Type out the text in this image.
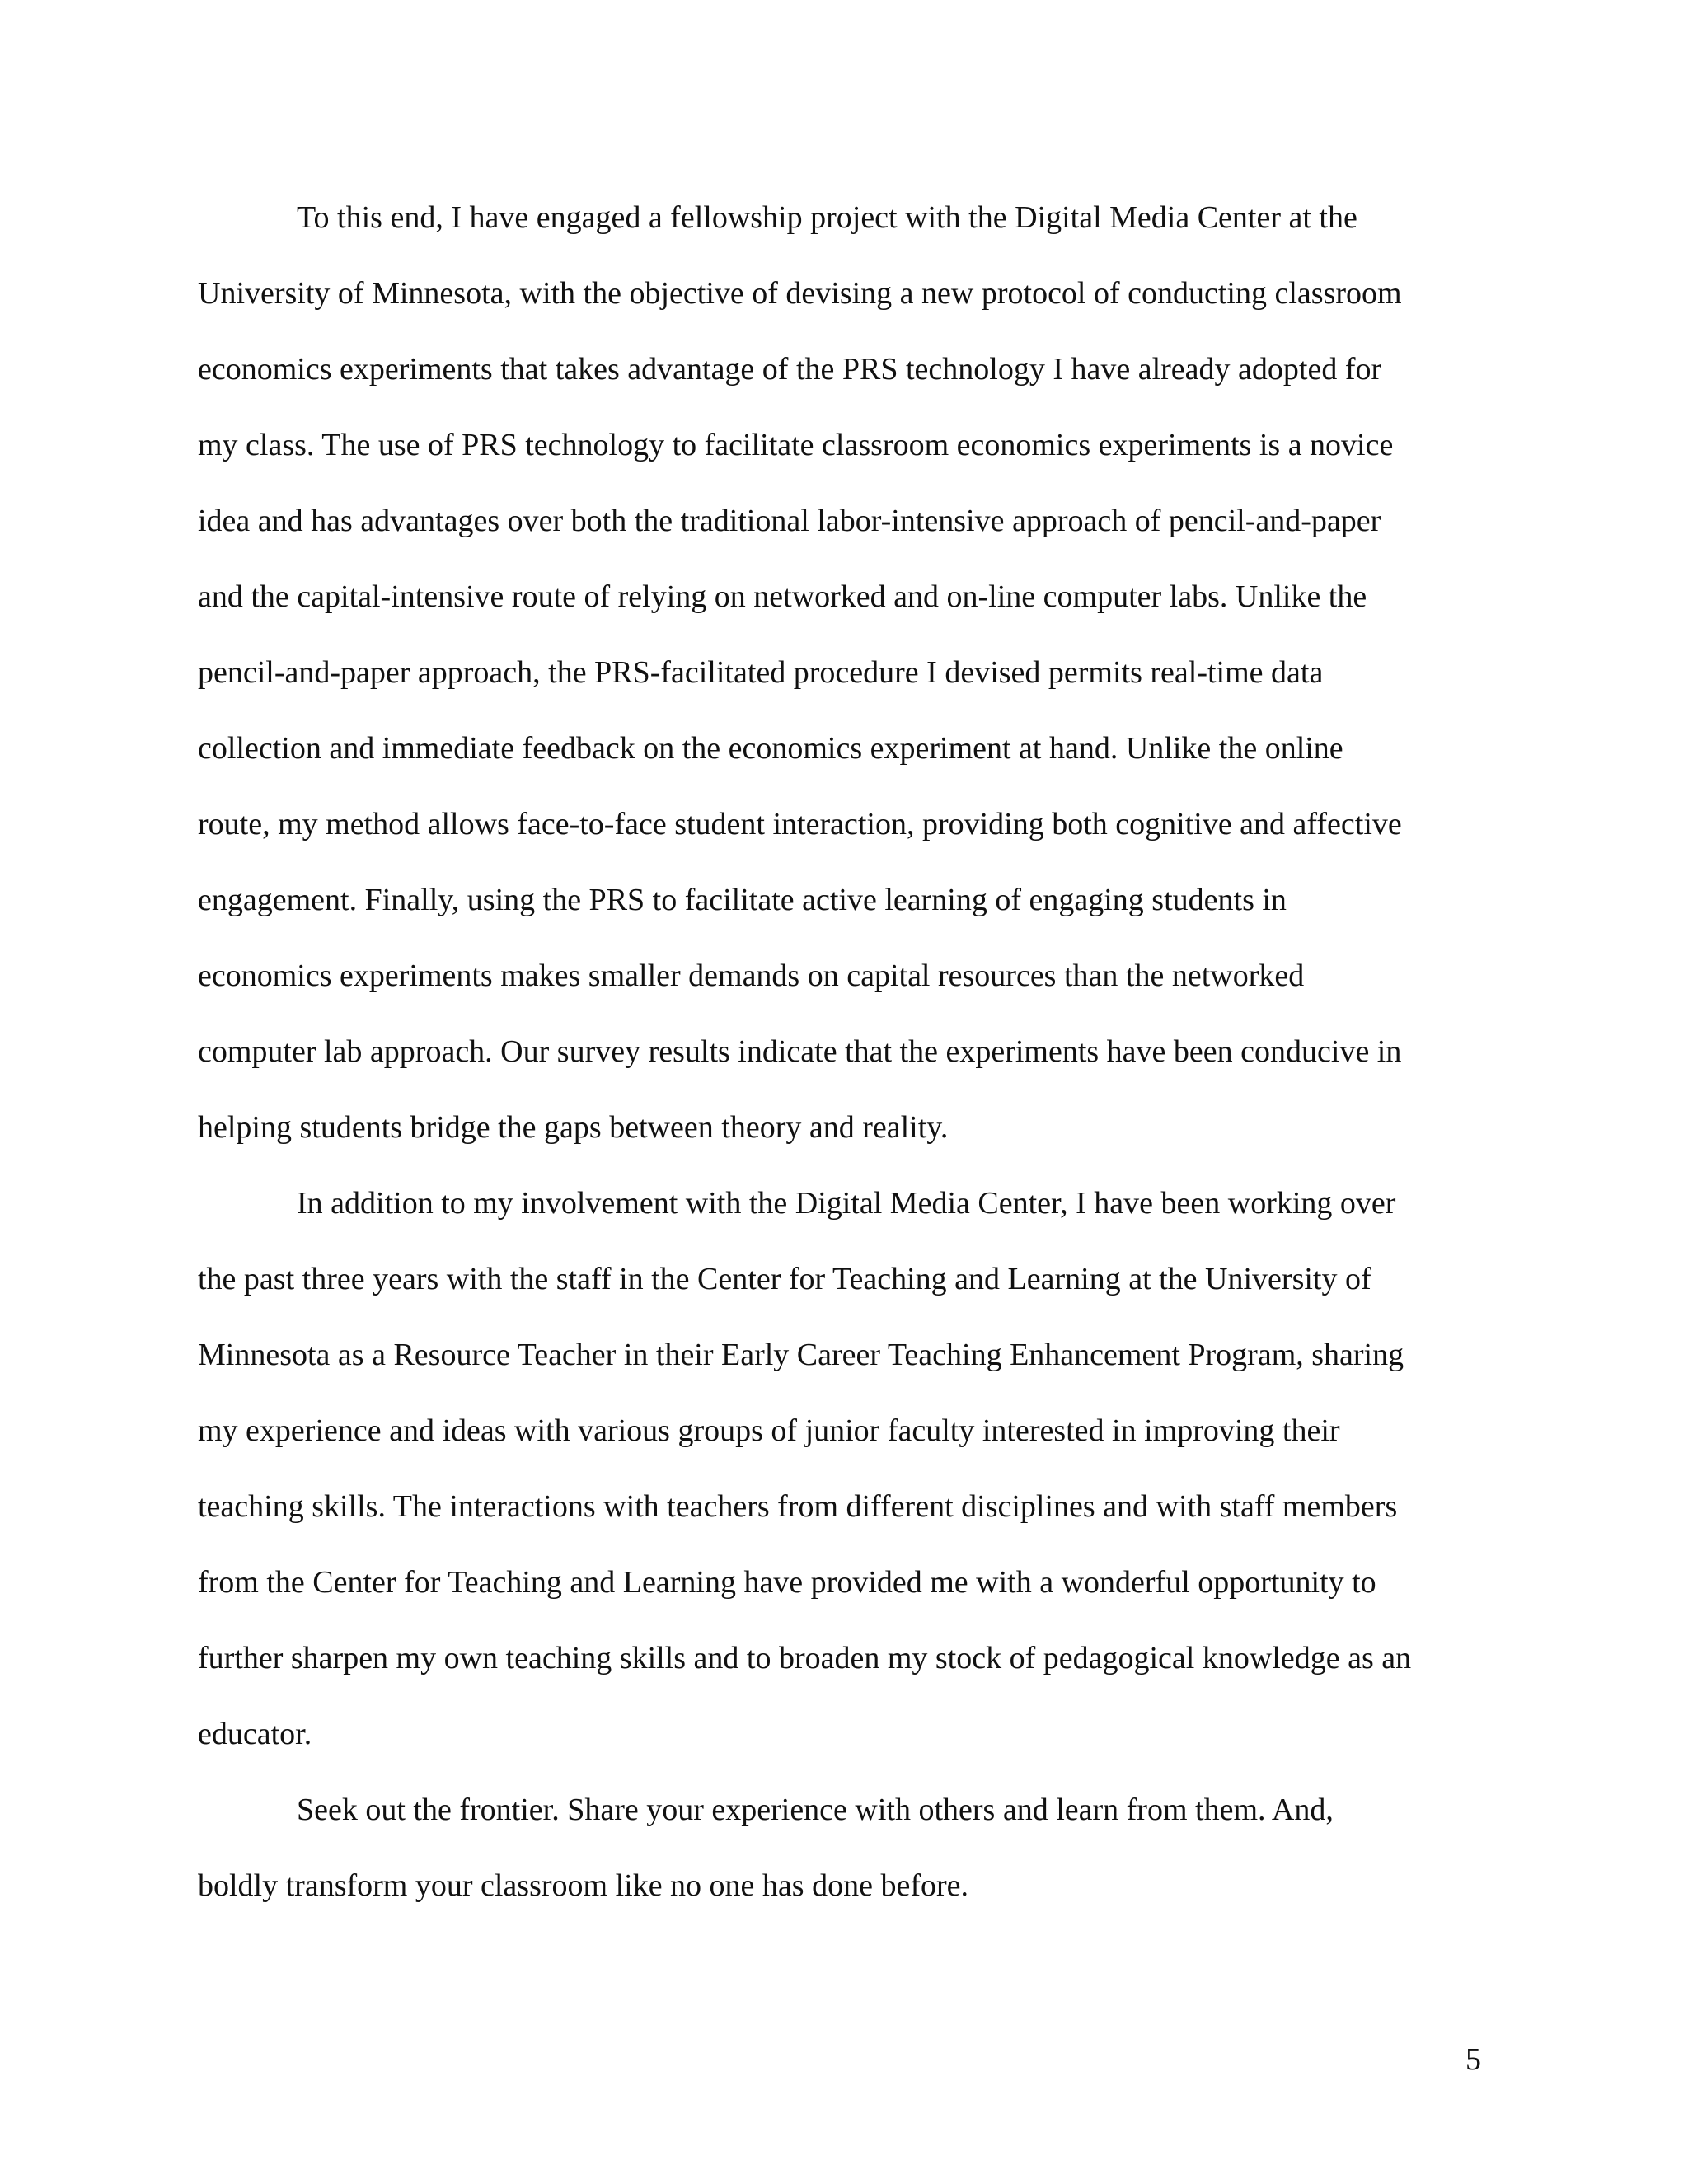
To this end, I have engaged a fellowship project with the Digital Media Center at the
University of Minnesota, with the objective of devising a new protocol of conducting classroom
economics experiments that takes advantage of the PRS technology I have already adopted for
my class. The use of PRS technology to facilitate classroom economics experiments is a novice
idea and has advantages over both the traditional labor-intensive approach of pencil-and-paper
and the capital-intensive route of relying on networked and on-line computer labs. Unlike the
pencil-and-paper approach, the PRS-facilitated procedure I devised permits real-time data
collection and immediate feedback on the economics experiment at hand. Unlike the online
route, my method allows face-to-face student interaction, providing both cognitive and affective
engagement. Finally, using the PRS to facilitate active learning of engaging students in
economics experiments makes smaller demands on capital resources than the networked
computer lab approach. Our survey results indicate that the experiments have been conducive in
helping students bridge the gaps between theory and reality.
In addition to my involvement with the Digital Media Center, I have been working over
the past three years with the staff in the Center for Teaching and Learning at the University of
Minnesota as a Resource Teacher in their Early Career Teaching Enhancement Program, sharing
my experience and ideas with various groups of junior faculty interested in improving their
teaching skills. The interactions with teachers from different disciplines and with staff members
from the Center for Teaching and Learning have provided me with a wonderful opportunity to
further sharpen my own teaching skills and to broaden my stock of pedagogical knowledge as an
educator.
Seek out the frontier. Share your experience with others and learn from them. And,
boldly transform your classroom like no one has done before.
5
